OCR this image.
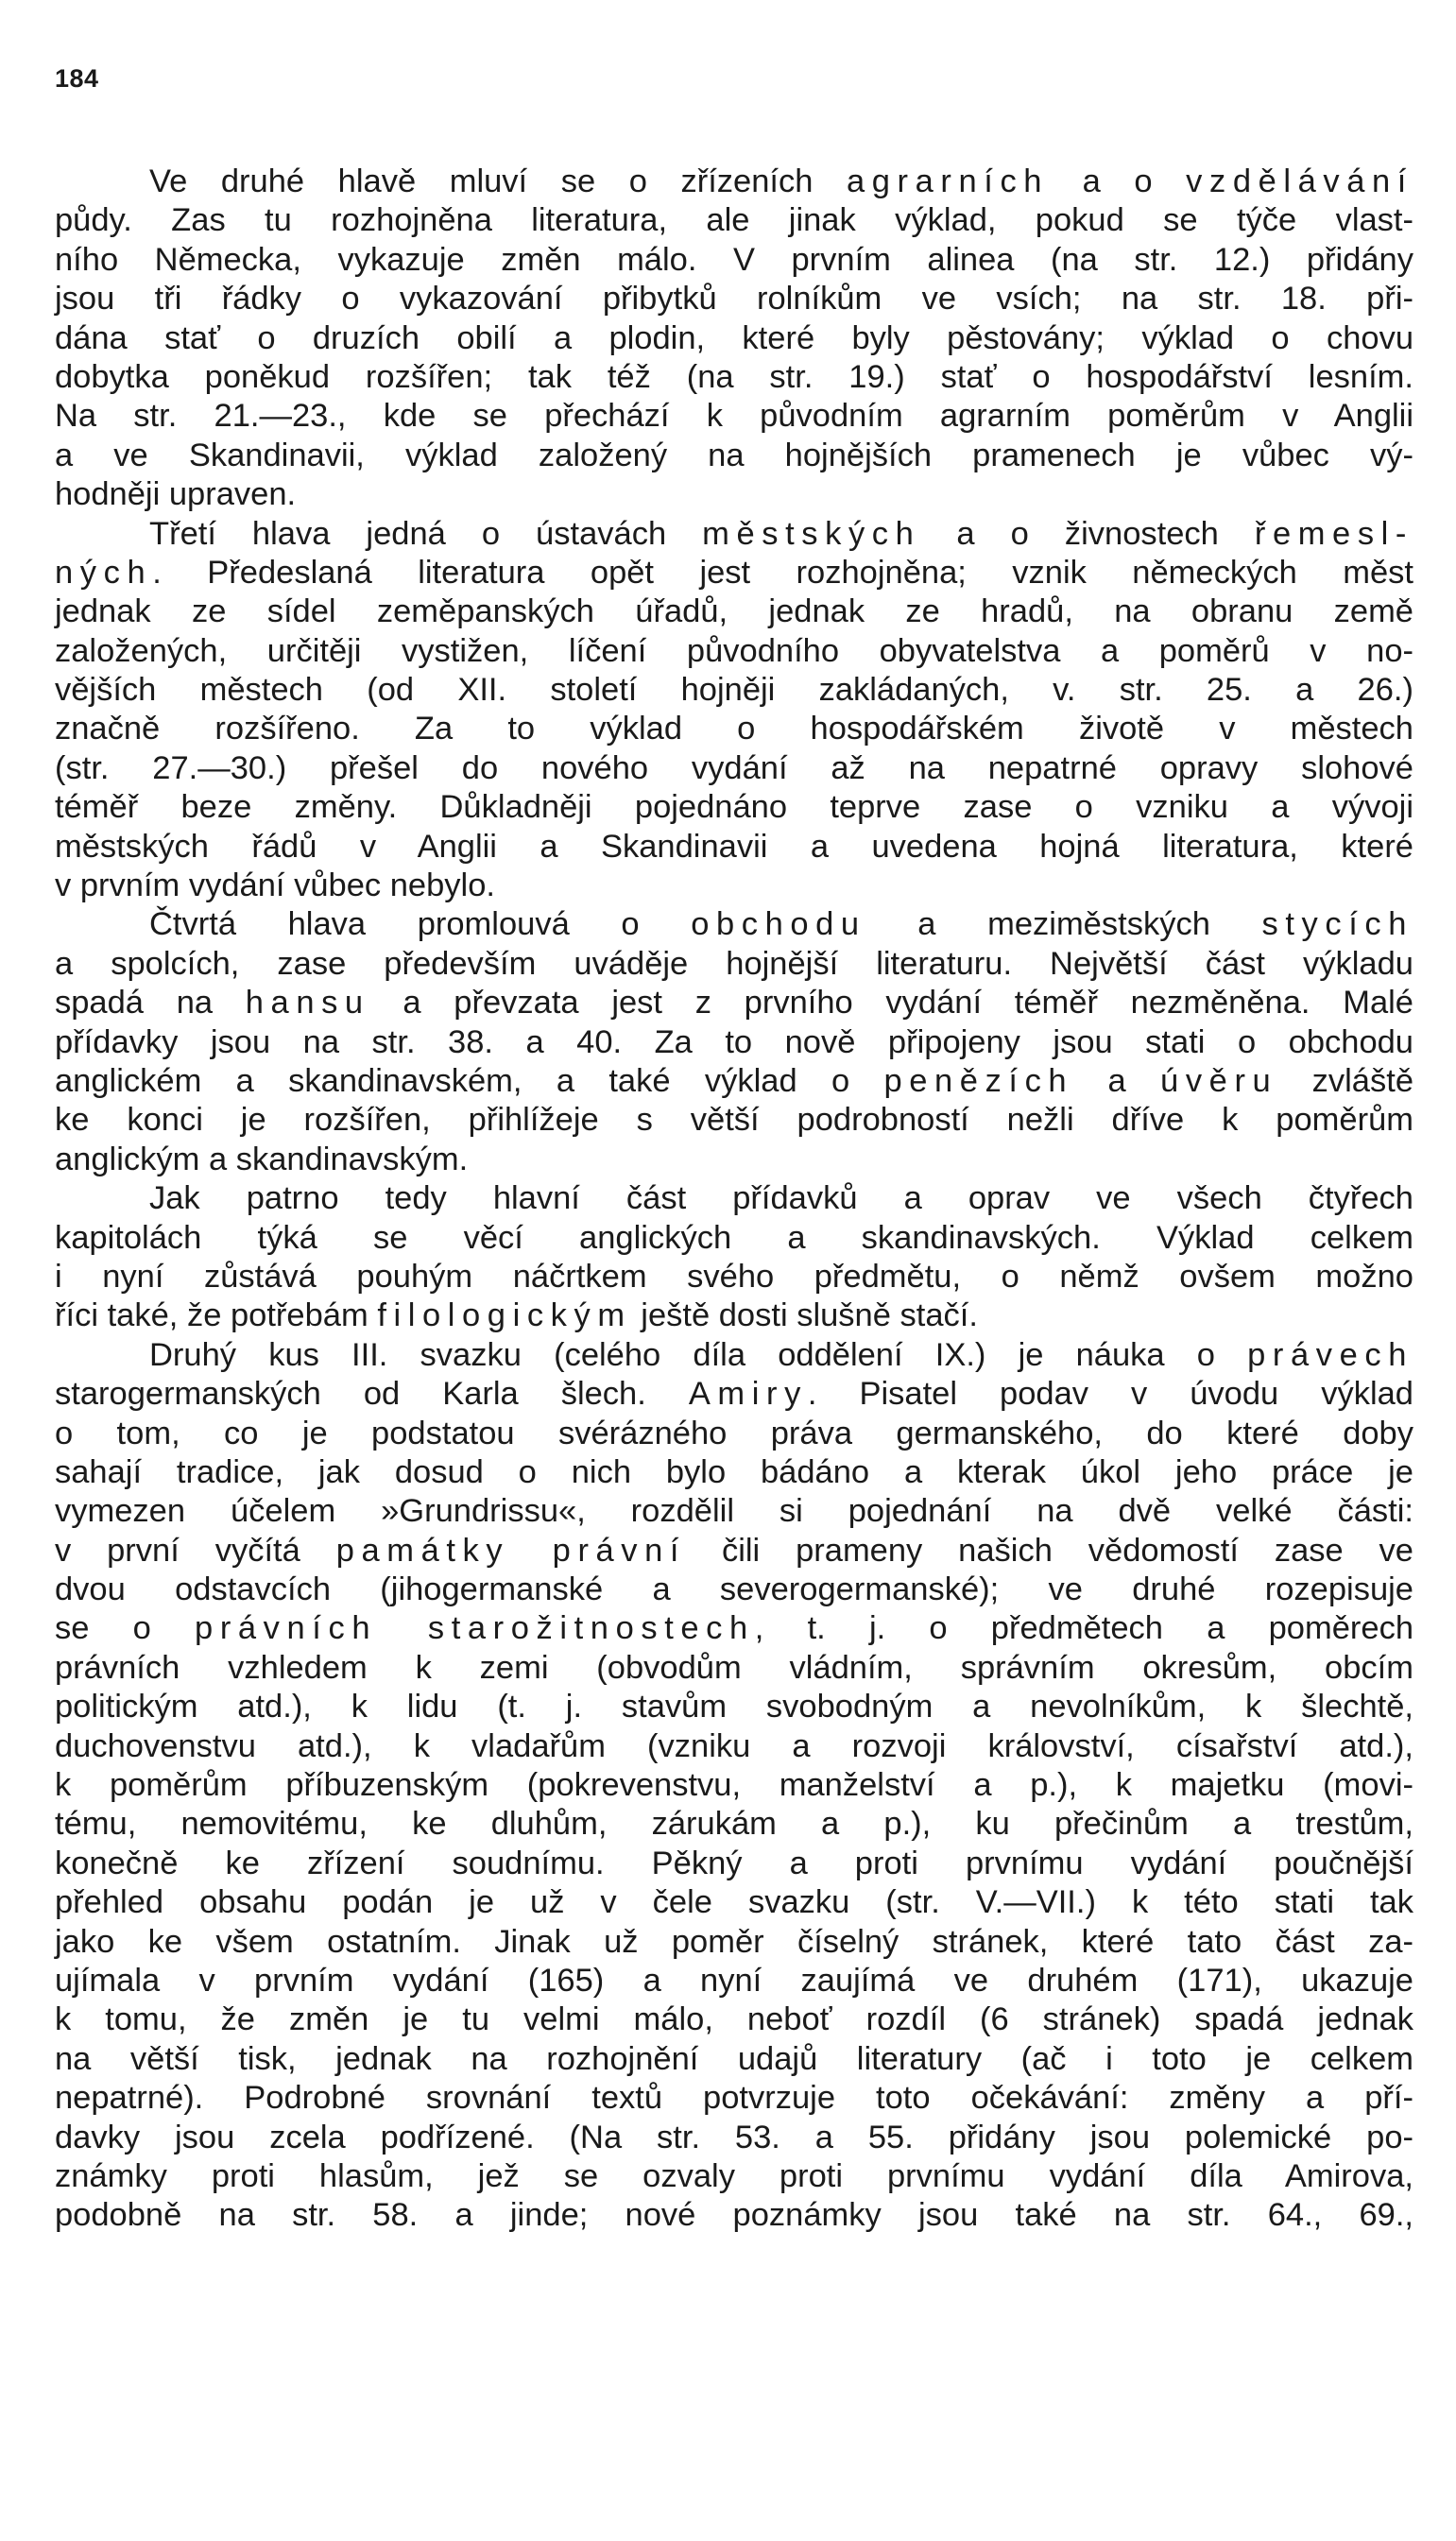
184
Ve druhé hlavě mluví se o zřízeních agrarních a o vzdělávání
půdy. Zas tu rozhojněna literatura, ale jinak výklad, pokud se týče vlast-
ního Německa, vykazuje změn málo. V prvním alinea (na str. 12.) přidány
jsou tři řádky o vykazování přibytků rolníkům ve vsích; na str. 18. při-
dána stať o druzích obilí a plodin, které byly pěstovány; výklad o chovu
dobytka poněkud rozšířen; tak též (na str. 19.) stať o hospodářství lesním.
Na str. 21.—23., kde se přechází k původním agrarním poměrům v Anglii
a ve Skandinavii, výklad založený na hojnějších pramenech je vůbec vý-
hodněji upraven.
Třetí hlava jedná o ústavách městských a o živnostech řemesl-
ných. Předeslaná literatura opět jest rozhojněna; vznik německých měst
jednak ze sídel zeměpanských úřadů, jednak ze hradů, na obranu země
založených, určitěji vystižen, líčení původního obyvatelstva a poměrů v no-
vějších městech (od XII. století hojněji zakládaných, v. str. 25. a 26.)
značně rozšířeno. Za to výklad o hospodářském životě v městech
(str. 27.—30.) přešel do nového vydání až na nepatrné opravy slohové
téměř beze změny. Důkladněji pojednáno teprve zase o vzniku a vývoji
městských řádů v Anglii a Skandinavii a uvedena hojná literatura, které
v prvním vydání vůbec nebylo.
Čtvrtá hlava promlouvá o obchodu a meziměstských stycích
a spolcích, zase především uváděje hojnější literaturu. Největší část výkladu
spadá na hansu a převzata jest z prvního vydání téměř nezměněna. Malé
přídavky jsou na str. 38. a 40. Za to nově připojeny jsou stati o obchodu
anglickém a skandinavském, a také výklad o penězích a úvěru zvláště
ke konci je rozšířen, přihlížeje s větší podrobností nežli dříve k poměrům
anglickým a skandinavským.
Jak patrno tedy hlavní část přídavků a oprav ve všech čtyřech
kapitolách týká se věcí anglických a skandinavských. Výklad celkem
i nyní zůstává pouhým náčrtkem svého předmětu, o němž ovšem možno
říci také, že potřebám filologickým ještě dosti slušně stačí.
Druhý kus III. svazku (celého díla oddělení IX.) je náuka o právech
starogermanských od Karla šlech. Amiry. Pisatel podav v úvodu výklad
o tom, co je podstatou svérázného práva germanského, do které doby
sahají tradice, jak dosud o nich bylo bádáno a kterak úkol jeho práce je
vymezen účelem »Grundrissu«, rozdělil si pojednání na dvě velké části:
v první vyčítá památky právní čili prameny našich vědomostí zase ve
dvou odstavcích (jihogermanské a severogermanské); ve druhé rozepisuje
se o právních starožitnostech, t. j. o předmětech a poměrech
právních vzhledem k zemi (obvodům vládním, správním okresům, obcím
politickým atd.), k lidu (t. j. stavům svobodným a nevolníkům, k šlechtě,
duchovenstvu atd.), k vladařům (vzniku a rozvoji království, císařství atd.),
k poměrům příbuzenským (pokrevenstvu, manželství a p.), k majetku (movi-
tému, nemovitému, ke dluhům, zárukám a p.), ku přečinům a trestům,
konečně ke zřízení soudnímu. Pěkný a proti prvnímu vydání poučnější
přehled obsahu podán je už v čele svazku (str. V.—VII.) k této stati tak
jako ke všem ostatním. Jinak už poměr číselný stránek, které tato část za-
ujímala v prvním vydání (165) a nyní zaujímá ve druhém (171), ukazuje
k tomu, že změn je tu velmi málo, neboť rozdíl (6 stránek) spadá jednak
na větší tisk, jednak na rozhojnění udajů literatury (ač i toto je celkem
nepatrné). Podrobné srovnání textů potvrzuje toto očekávání: změny a pří-
davky jsou zcela podřízené. (Na str. 53. a 55. přidány jsou polemické po-
známky proti hlasům, jež se ozvaly proti prvnímu vydání díla Amirova,
podobně na str. 58. a jinde; nové poznámky jsou také na str. 64., 69.,
